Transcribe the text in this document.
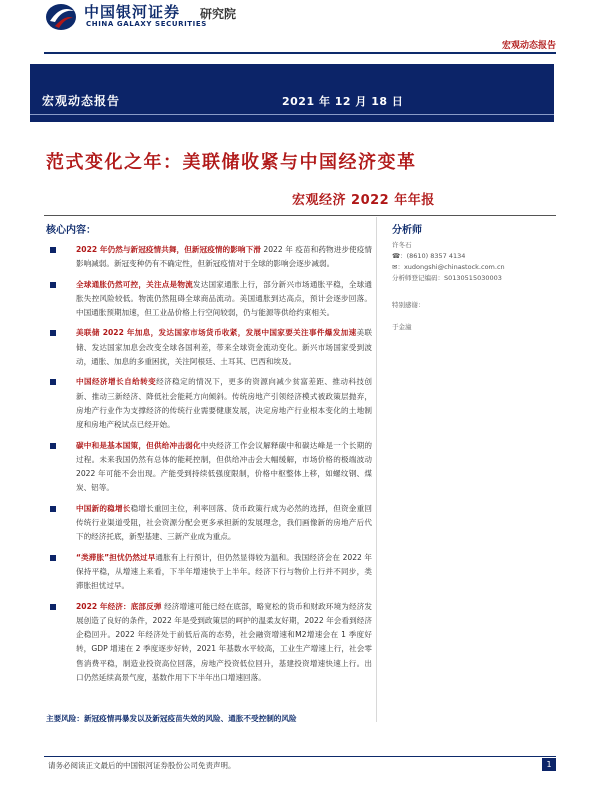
中国银河证券
CHINA GALAXY SECURITIES
研究院
宏观动态报告
宏观动态报告	2021 年 12 月 18 日
范式变化之年：美联储收紧与中国经济变革
宏观经济 2022 年年报
核心内容：	分析师
2022 年仍然与新冠疫情共舞，但新冠疫情的影响下滑 2022 年 疫苗和药物进步使疫情影响减弱。新冠变种仍有不确定性，但新冠疫情对于全球的影响会逐步减弱。
全球通胀仍然可控，关注点是物流发达国家通胀上行，部分新兴市场通胀平稳，全球通胀失控风险较低。物流仍然阻碍全球商品流动。美国通胀到达高点，预计会逐步回落。中国通胀预期加速，但工业品价格上行空间较弱，仍与能源等供给约束相关。
美联储 2022 年加息，发达国家市场货币收紧，发展中国家要关注事件爆发加速美联储、发达国家加息会改变全球各国利差，带来全球资金流动变化。新兴市场国家受到波动，通胀、加息的多重困扰，关注阿根廷、土耳其、巴西和埃及。
中国经济增长自给转变经济稳定的情况下，更多的资源向减少贫富差距、推动科技创新、推动三新经济、降低社会能耗方向倾斜。传统房地产引领经济模式被政策层抛弃，房地产行业作为支撑经济的传统行业需要健康发展，决定房地产行业根本变化的土地制度和房地产税试点已经开始。
碳中和是基本国策，但供给冲击弱化中央经济工作会议解释碳中和碳达峰是一个长期的过程。未来我国仍然有总体的能耗控制，但供给冲击会大幅缓解，市场价格的极端波动 2022 年可能不会出现。产能受到持续低强度限制，价格中枢整体上移，如螺纹钢、煤炭、铝等。
中国新的稳增长稳增长重回主位，利率回落、货币政策行成为必然的选择，但资金重回传统行业渠道受阻，社会资源分配会更多承担新的发展理念，我们画像新的房地产后代下的经济托底，新型基建、三新产业成为重点。
“类滞胀”担忧仍然过早通胀有上行预计，但仍然显得较为温和。我国经济会在 2022 年保持平稳，从增速上来看，下半年增速快于上半年。经济下行与物价上行并不同步，类滞胀担忧过早。
2022 年经济：底部反弹 经济增速可能已经在底部，略宽松的货币和财政环境为经济发展创造了良好的条件，2022 年是受到政策层的呵护的温柔友好期，2022 年会看到经济企稳回升。2022 年经济处于前低后高的态势，社会融资增速和M2增速会在 1 季度好转，GDP 增速在 2 季度逐步好转，2021 年基数水平较高，工业生产增速上行，社会零售消费平稳，制造业投资高位回落，房地产投资低位回升，基建投资增速快速上行。出口仍然延续高景气度，基数作用下下半年出口增速回落。
主要风险：新冠疫情再暴发以及新冠疫苗失效的风险、通胀不受控制的风险
许冬石
☎：(8610) 8357 4134
✉：xudongshi@chinastock.com.cn
分析师登记编码：S0130515030003
特别感谢：
于金潼
请务必阅读正文最后的中国银河证券股份公司免责声明。	1
